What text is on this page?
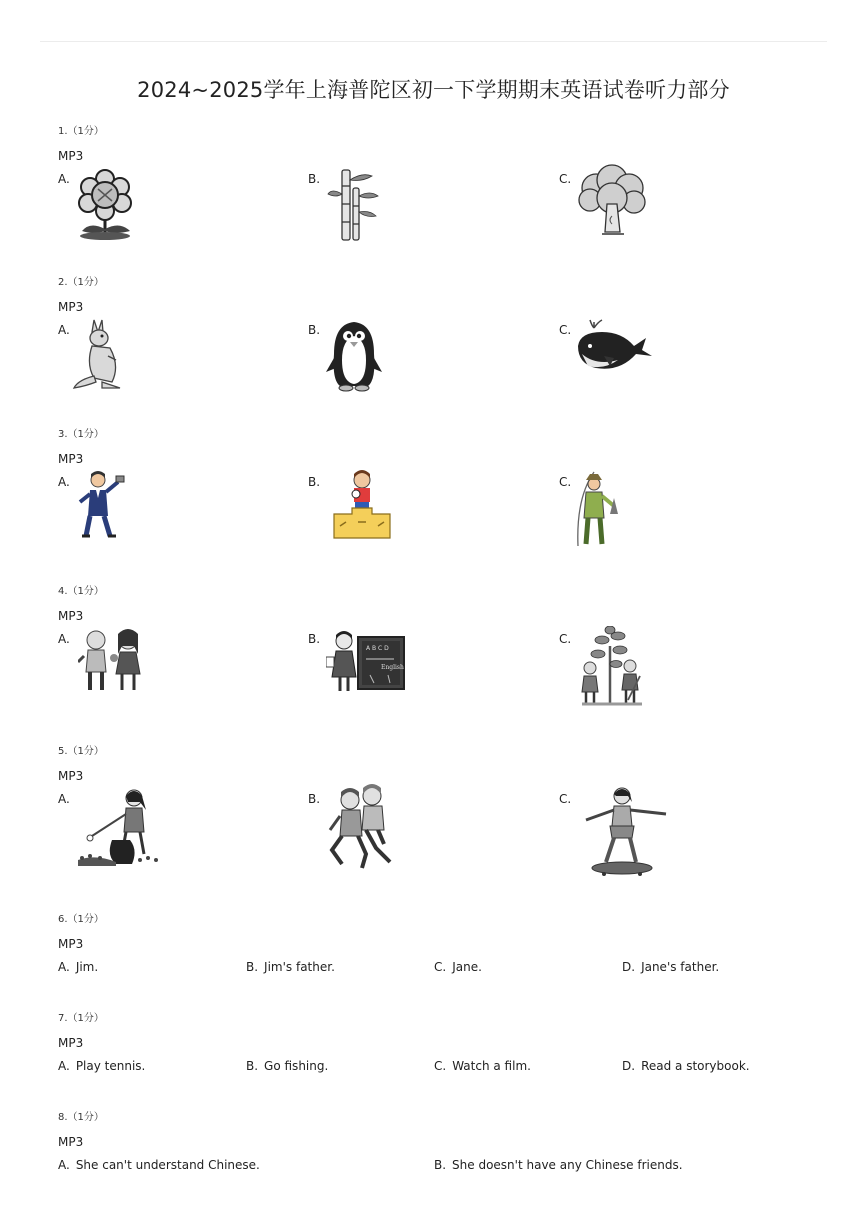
2024~2025学年上海普陀区初一下学期期末英语试卷听力部分
1.（1分）
MP3
A.	B.	C.
2.（1分）
MP3
A.	B.	C.
3.（1分）
MP3
A.	B.	C.
4.（1分）
MP3
A.	B.	C.
A B C D
English
5.（1分）
MP3
A.	B.	C.
6.（1分）
MP3
A. Jim.	B. Jim's father.	C. Jane.	D. Jane's father.
7.（1分）
MP3
A. Play tennis.	B. Go fishing.	C. Watch a film.	D. Read a storybook.
8.（1分）
MP3
A. She can't understand Chinese.	B. She doesn't have any Chinese friends.
